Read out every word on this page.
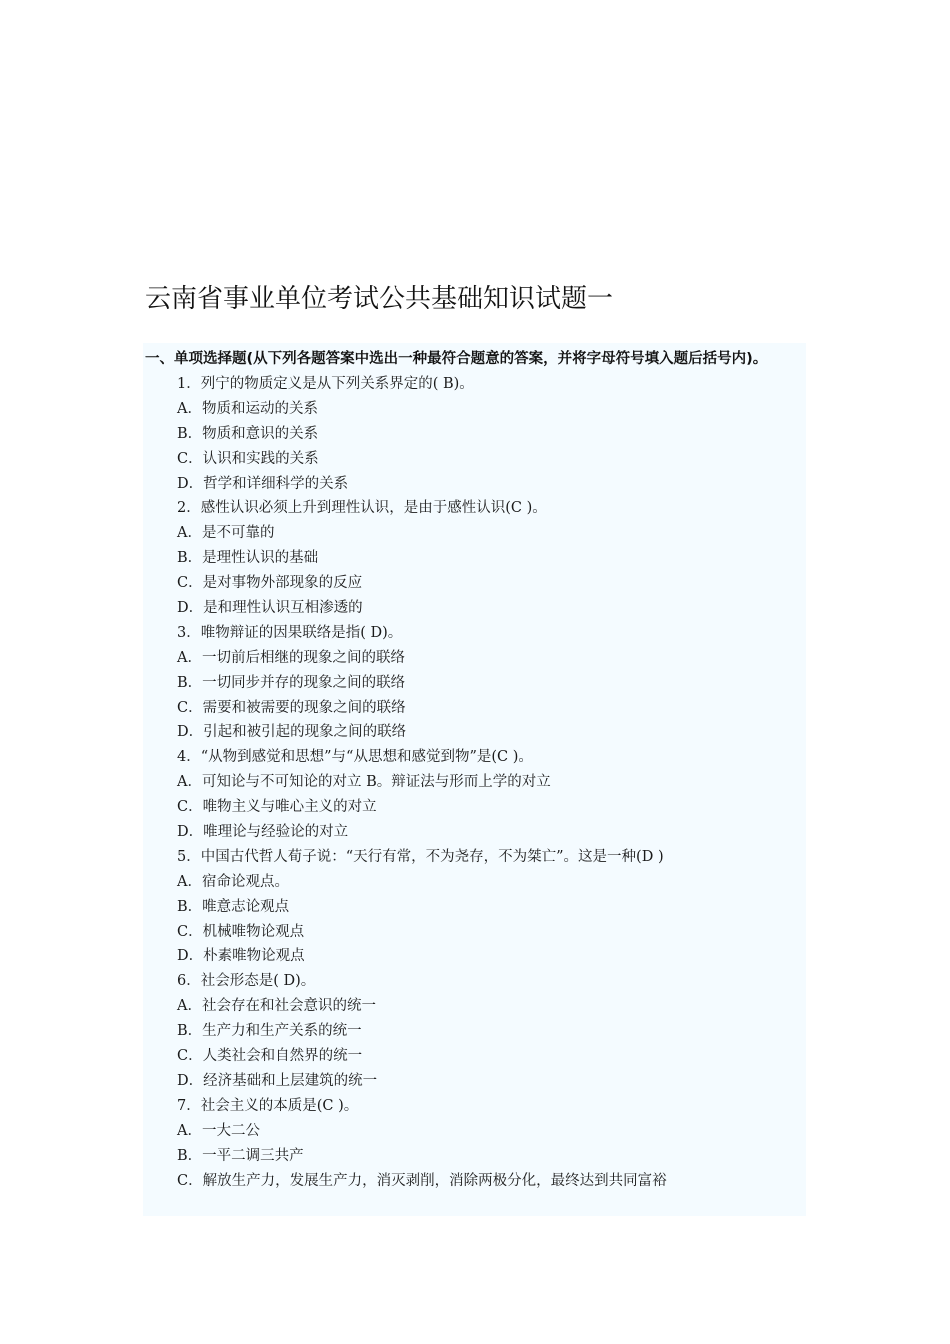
云南省事业单位考试公共基础知识试题一

一、单项选择题(从下列各题答案中选出一种最符合题意的答案，并将字母符号填入题后括号内)。

1．列宁的物质定义是从下列关系界定的( B)。
A．物质和运动的关系
B．物质和意识的关系
C．认识和实践的关系
D．哲学和详细科学的关系
2．感性认识必须上升到理性认识，是由于感性认识(C )。
A．是不可靠的
B．是理性认识的基础
C．是对事物外部现象的反应
D．是和理性认识互相渗透的
3．唯物辩证的因果联络是指( D)。
A．一切前后相继的现象之间的联络
B．一切同步并存的现象之间的联络
C．需要和被需要的现象之间的联络
D．引起和被引起的现象之间的联络
4．“从物到感觉和思想”与“从思想和感觉到物”是(C )。
A．可知论与不可知论的对立 B。辩证法与形而上学的对立
C．唯物主义与唯心主义的对立
D．唯理论与经验论的对立
5．中国古代哲人荀子说：“天行有常，不为尧存，不为桀亡”。这是一种(D )
A．宿命论观点。
B．唯意志论观点
C．机械唯物论观点
D．朴素唯物论观点
6．社会形态是( D)。
A．社会存在和社会意识的统一
B．生产力和生产关系的统一
C．人类社会和自然界的统一
D．经济基础和上层建筑的统一
7．社会主义的本质是(C )。
A．一大二公
B．一平二调三共产
C．解放生产力，发展生产力，消灭剥削，消除两极分化，最终达到共同富裕
